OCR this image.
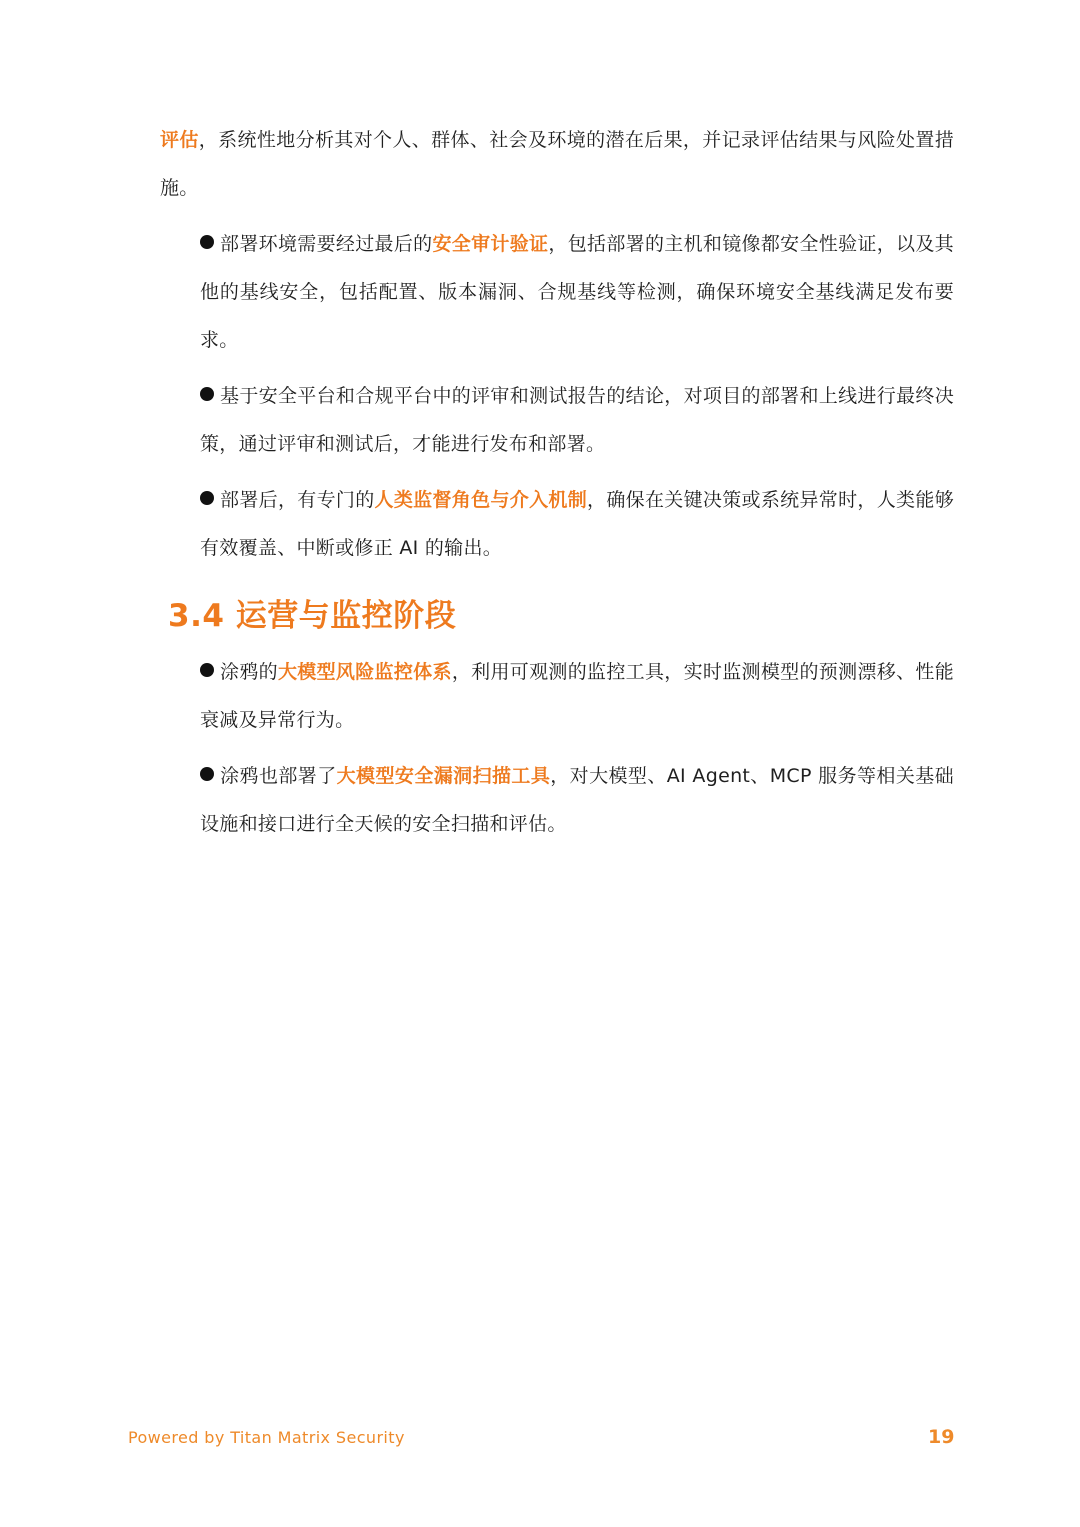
评估，系统性地分析其对个人、群体、社会及环境的潜在后果，并记录评估结果与风险处置措施。

部署环境需要经过最后的安全审计验证，包括部署的主机和镜像都安全性验证，以及其他的基线安全，包括配置、版本漏洞、合规基线等检测，确保环境安全基线满足发布要求。

基于安全平台和合规平台中的评审和测试报告的结论，对项目的部署和上线进行最终决策，通过评审和测试后，才能进行发布和部署。

部署后，有专门的人类监督角色与介入机制，确保在关键决策或系统异常时，人类能够有效覆盖、中断或修正 AI 的输出。

3.4 运营与监控阶段

涂鸦的大模型风险监控体系，利用可观测的监控工具，实时监测模型的预测漂移、性能衰减及异常行为。

涂鸦也部署了大模型安全漏洞扫描工具，对大模型、AI Agent、MCP 服务等相关基础设施和接口进行全天候的安全扫描和评估。

Powered by Titan Matrix Security	19
